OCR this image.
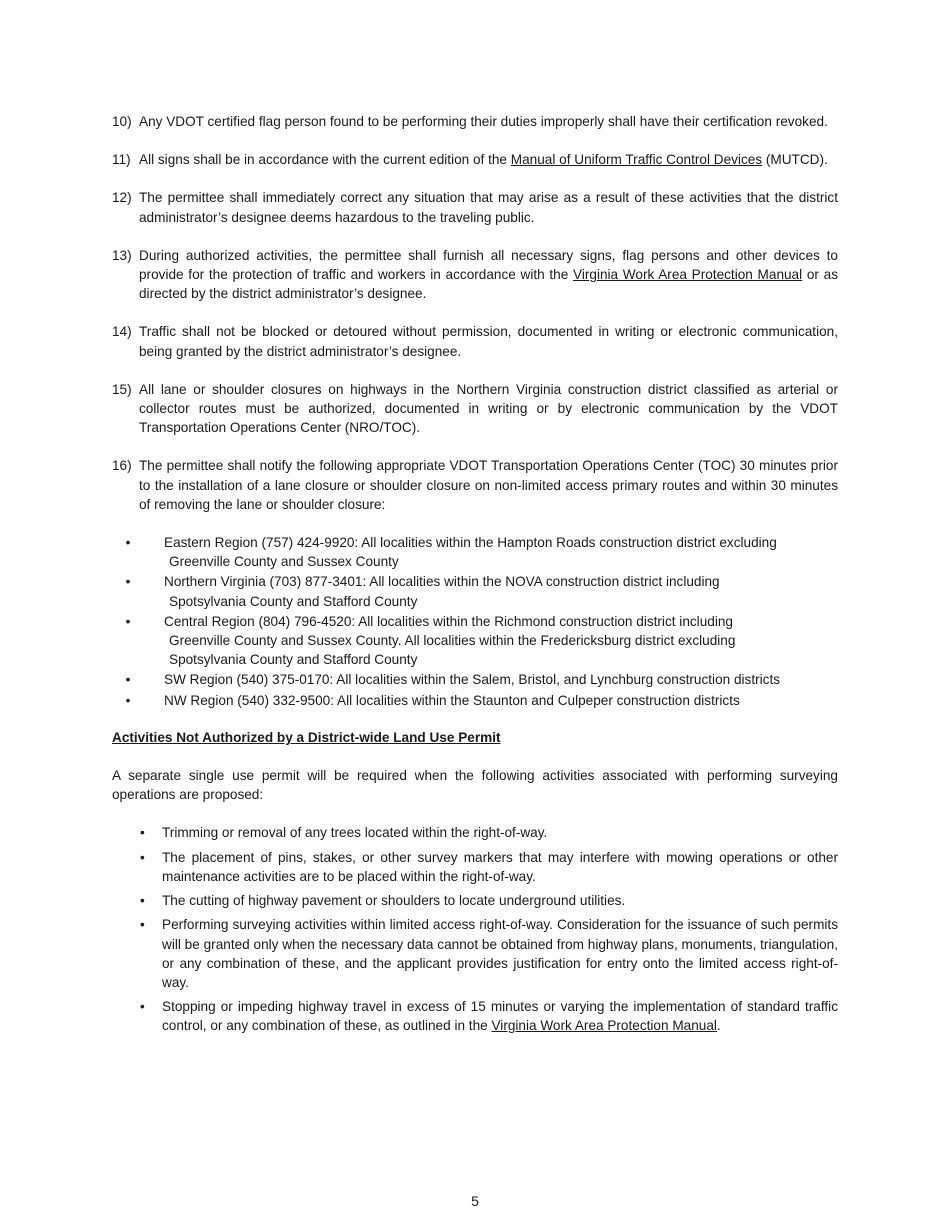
10) Any VDOT certified flag person found to be performing their duties improperly shall have their certification revoked.
11) All signs shall be in accordance with the current edition of the Manual of Uniform Traffic Control Devices (MUTCD).
12) The permittee shall immediately correct any situation that may arise as a result of these activities that the district administrator’s designee deems hazardous to the traveling public.
13) During authorized activities, the permittee shall furnish all necessary signs, flag persons and other devices to provide for the protection of traffic and workers in accordance with the Virginia Work Area Protection Manual or as directed by the district administrator’s designee.
14) Traffic shall not be blocked or detoured without permission, documented in writing or electronic communication, being granted by the district administrator’s designee.
15) All lane or shoulder closures on highways in the Northern Virginia construction district classified as arterial or collector routes must be authorized, documented in writing or by electronic communication by the VDOT Transportation Operations Center (NRO/TOC).
16) The permittee shall notify the following appropriate VDOT Transportation Operations Center (TOC) 30 minutes prior to the installation of a lane closure or shoulder closure on non-limited access primary routes and within 30 minutes of removing the lane or shoulder closure:
•	Eastern Region (757) 424-9920: All localities within the Hampton Roads construction district excluding
Greenville County and Sussex County
•	Northern Virginia (703) 877-3401: All localities within the NOVA construction district including
Spotsylvania County and Stafford County
•	Central Region (804) 796-4520: All localities within the Richmond construction district including
Greenville County and Sussex County. All localities within the Fredericksburg district excluding
Spotsylvania County and Stafford County
•	SW Region (540) 375-0170: All localities within the Salem, Bristol, and Lynchburg construction districts
•	NW Region (540) 332-9500: All localities within the Staunton and Culpeper construction districts
Activities Not Authorized by a District-wide Land Use Permit
A separate single use permit will be required when the following activities associated with performing surveying operations are proposed:
•	Trimming or removal of any trees located within the right-of-way.
•	The placement of pins, stakes, or other survey markers that may interfere with mowing operations or other maintenance activities are to be placed within the right-of-way.
•	The cutting of highway pavement or shoulders to locate underground utilities.
•	Performing surveying activities within limited access right-of-way. Consideration for the issuance of such permits will be granted only when the necessary data cannot be obtained from highway plans, monuments, triangulation, or any combination of these, and the applicant provides justification for entry onto the limited access right-of-way.
•	Stopping or impeding highway travel in excess of 15 minutes or varying the implementation of standard traffic control, or any combination of these, as outlined in the Virginia Work Area Protection Manual.
5
